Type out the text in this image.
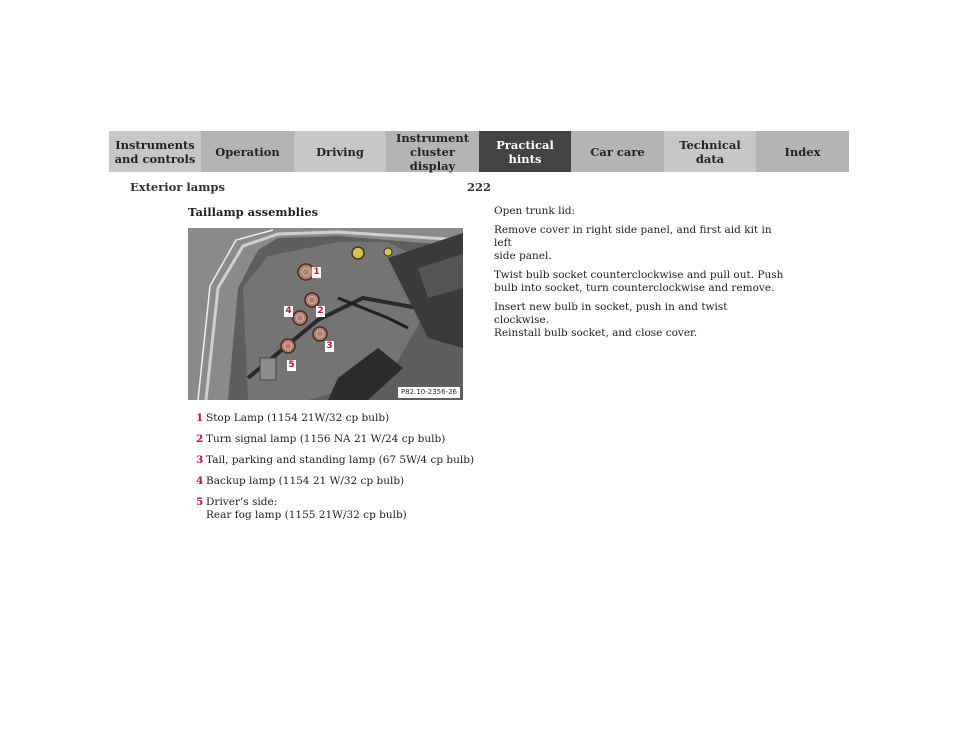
Instruments
and controls	Operation	Driving
Instrument
cluster display
Practical hints	Car care	Technical
data	Index
Exterior lamps	222
Taillamp assemblies
1
2
3
4
5
P82.10-2356-26
1 Stop Lamp (1154 21W/32 cp bulb)
2 Turn signal lamp (1156 NA 21 W/24 cp bulb)
3 Tail, parking and standing lamp (67 5W/4 cp bulb)
4 Backup lamp (1154 21 W/32 cp bulb)
5 Driver’s side:
Rear fog lamp (1155 21W/32 cp bulb)

Open trunk lid:

Remove cover in right side panel, and first aid kit in left
side panel.

Twist bulb socket counterclockwise and pull out. Push
bulb into socket, turn counterclockwise and remove.

Insert new bulb in socket, push in and twist clockwise.
Reinstall bulb socket, and close cover.
